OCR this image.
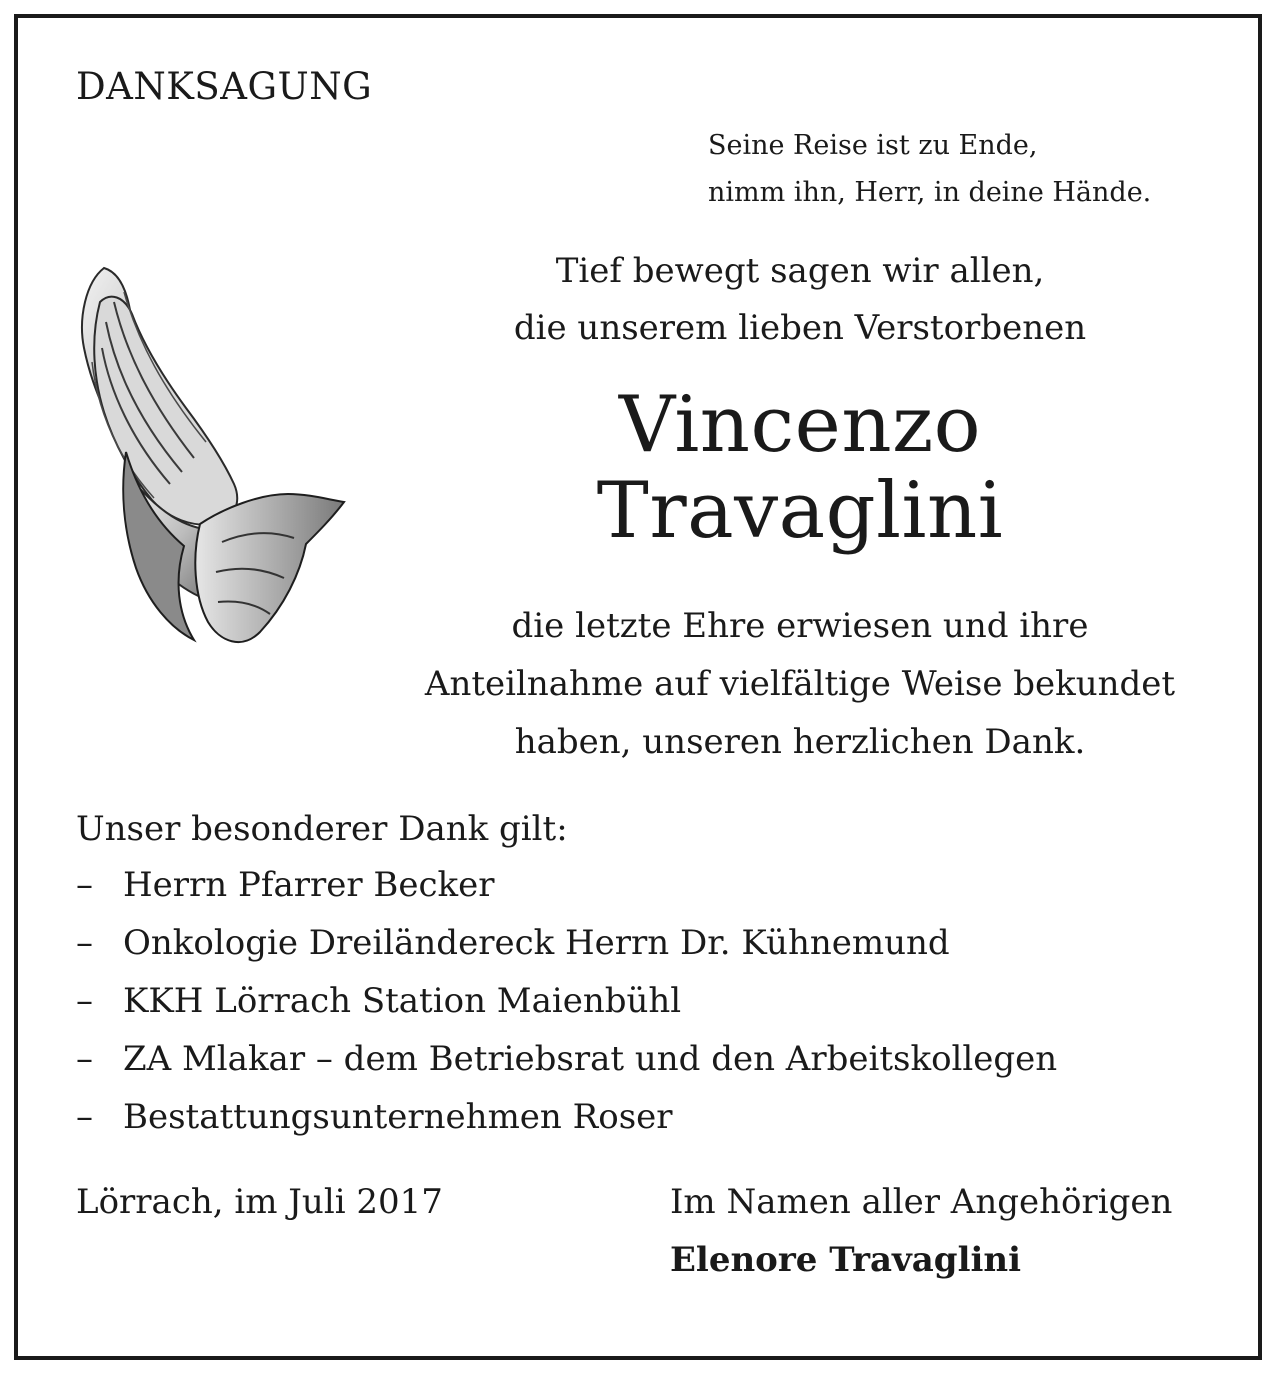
DANKSAGUNG
Seine Reise ist zu Ende,
nimm ihn, Herr, in deine Hände.
Tief bewegt sagen wir allen,
die unserem lieben Verstorbenen
Vincenzo
Travaglini
die letzte Ehre erwiesen und ihre
Anteilnahme auf vielfältige Weise bekundet
haben, unseren herzlichen Dank.
Unser besonderer Dank gilt:
– Herrn Pfarrer Becker
– Onkologie Dreiländereck Herrn Dr. Kühnemund
– KKH Lörrach Station Maienbühl
– ZA Mlakar – dem Betriebsrat und den Arbeitskollegen
– Bestattungsunternehmen Roser
Lörrach, im Juli 2017	Im Namen aller Angehörigen
Elenore Travaglini
